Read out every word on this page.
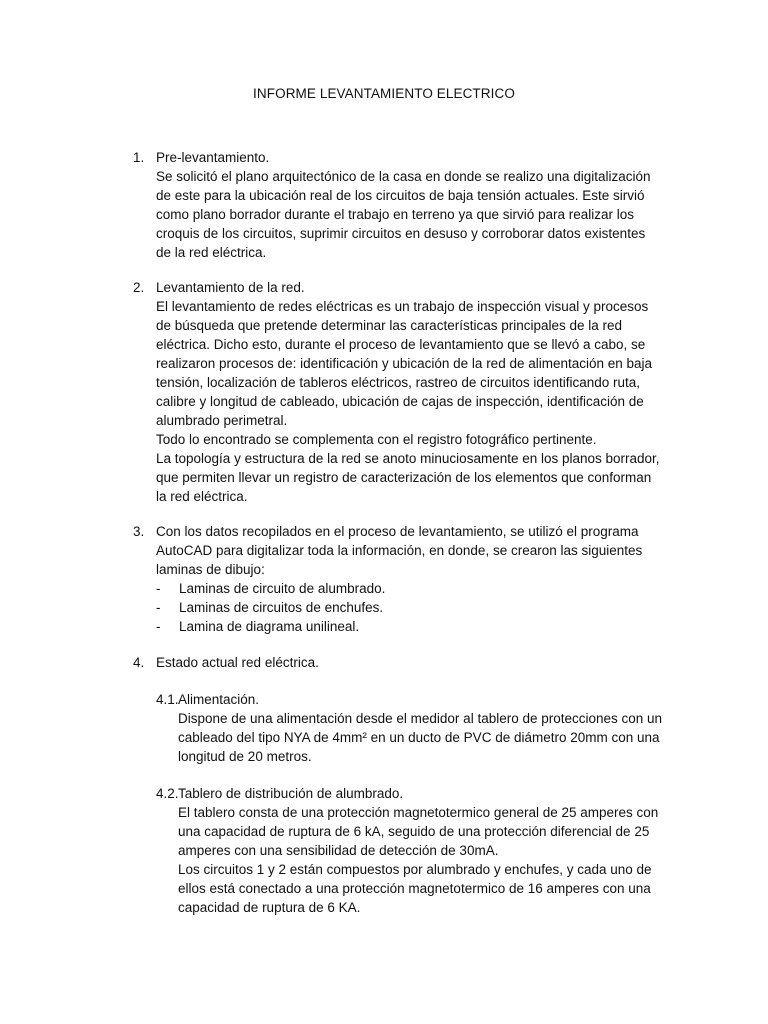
INFORME LEVANTAMIENTO ELECTRICO
1. Pre-levantamiento.
Se solicitó el plano arquitectónico de la casa en donde se realizo una digitalización de este para la ubicación real de los circuitos de baja tensión actuales. Este sirvió como plano borrador durante el trabajo en terreno ya que sirvió para realizar los croquis de los circuitos, suprimir circuitos en desuso y corroborar datos existentes de la red eléctrica.
2. Levantamiento de la red.
El levantamiento de redes eléctricas es un trabajo de inspección visual y procesos de búsqueda que pretende determinar las características principales de la red eléctrica. Dicho esto, durante el proceso de levantamiento que se llevó a cabo, se realizaron procesos de: identificación y ubicación de la red de alimentación en baja tensión, localización de tableros eléctricos, rastreo de circuitos identificando ruta, calibre y longitud de cableado, ubicación de cajas de inspección, identificación de alumbrado perimetral.
Todo lo encontrado se complementa con el registro fotográfico pertinente.
La topología y estructura de la red se anoto minuciosamente en los planos borrador, que permiten llevar un registro de caracterización de los elementos que conforman la red eléctrica.
3. Con los datos recopilados en el proceso de levantamiento, se utilizó el programa AutoCAD para digitalizar toda la información, en donde, se crearon las siguientes laminas de dibujo:
- Laminas de circuito de alumbrado.
- Laminas de circuitos de enchufes.
- Lamina de diagrama unilineal.
4. Estado actual red eléctrica.
4.1. Alimentación.
Dispone de una alimentación desde el medidor al tablero de protecciones con un cableado del tipo NYA de 4mm² en un ducto de PVC de diámetro 20mm con una longitud de 20 metros.
4.2. Tablero de distribución de alumbrado.
El tablero consta de una protección magnetotermico general de 25 amperes con una capacidad de ruptura de 6 kA, seguido de una protección diferencial de 25 amperes con una sensibilidad de detección de 30mA.
Los circuitos 1 y 2 están compuestos por alumbrado y enchufes, y cada uno de ellos está conectado a una protección magnetotermico de 16 amperes con una capacidad de ruptura de 6 KA.
